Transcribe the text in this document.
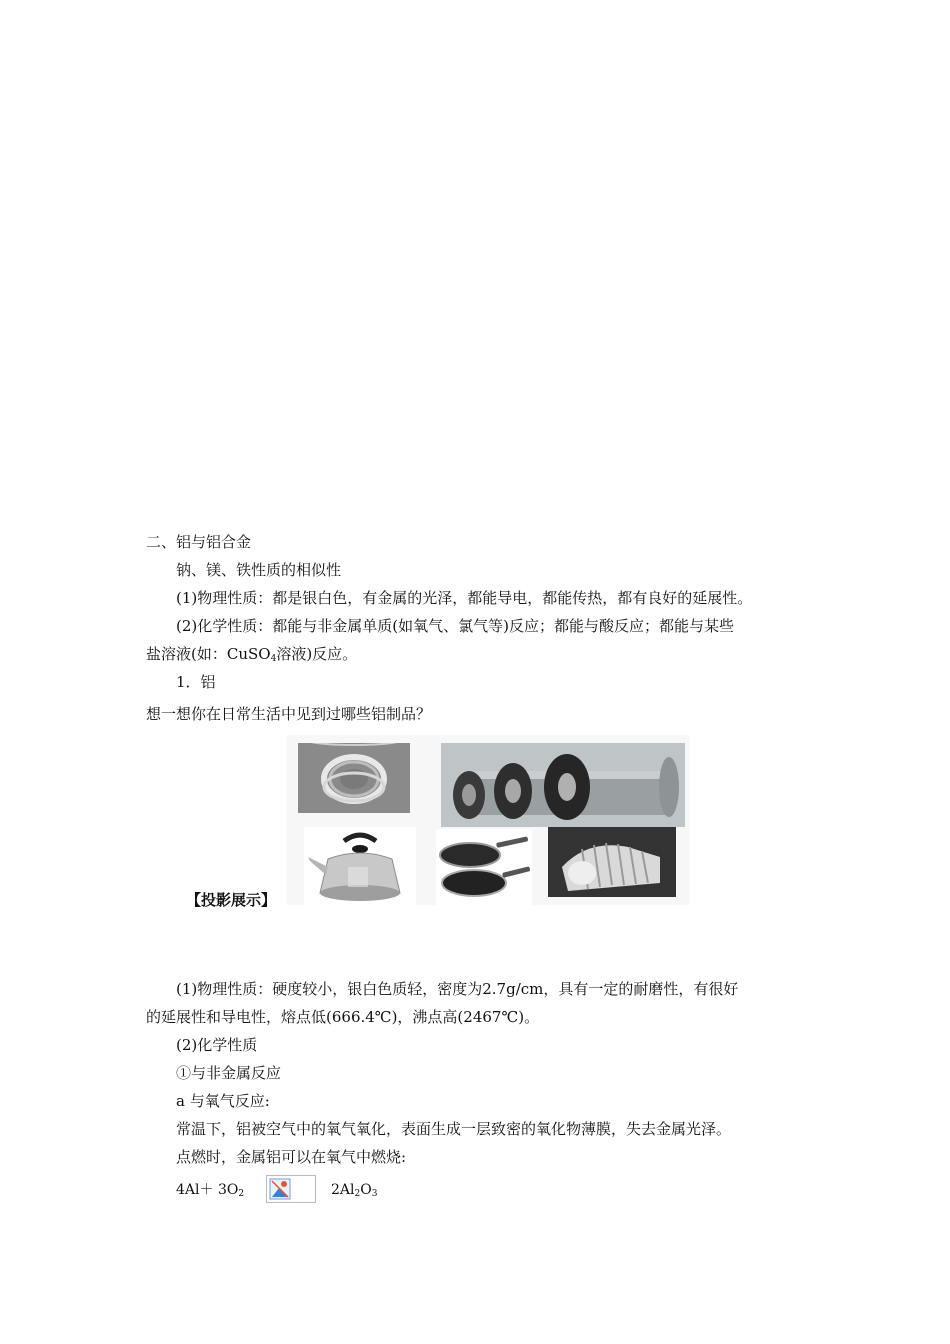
二、铝与铝合金
钠、镁、铁性质的相似性
(1)物理性质：都是银白色，有金属的光泽，都能导电，都能传热，都有良好的延展性。
(2)化学性质：都能与非金属单质(如氧气、氯气等)反应；都能与酸反应；都能与某些
盐溶液(如：CuSO$_4$溶液)反应。
1．铝
想一想你在日常生活中见到过哪些铝制品？
【投影展示】
(1)物理性质：硬度较小，银白色质轻，密度为2.7g/cm，具有一定的耐磨性，有很好
的延展性和导电性，熔点低(666.4℃)，沸点高(2467℃)。
(2)化学性质
①与非金属反应
a 与氧气反应:
常温下，铝被空气中的氧气氧化，表面生成一层致密的氧化物薄膜，失去金属光泽。
点燃时，金属铝可以在氧气中燃烧:
$4Al+ 3O_2$	$2Al_2O_3$
